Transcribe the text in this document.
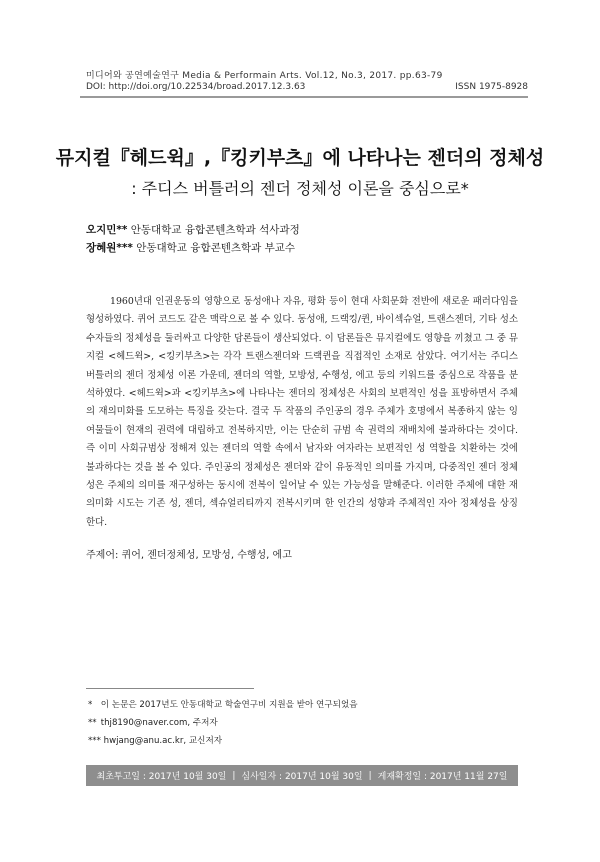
미디어와 공연예술연구 Media & Performain Arts. Vol.12, No.3, 2017. pp.63-79
DOI: http://doi.org/10.22534/broad.2017.12.3.63	ISSN 1975-8928
뮤지컬『헤드윅』,『킹키부츠』에 나타나는 젠더의 정체성
: 주디스 버틀러의 젠더 정체성 이론을 중심으로*
오지민** 안동대학교 융합콘텐츠학과 석사과정
장혜원*** 안동대학교 융합콘텐츠학과 부교수

1960년대 인권운동의 영향으로 동성애나 자유, 평화 등이 현대 사회문화 전반에 새로운 패러다임을 형성하였다. 퀴어 코드도 같은 맥락으로 볼 수 있다. 동성애, 드랙킹/퀸, 바이섹슈얼, 트랜스젠더, 기타 성소수자들의 정체성을 둘러싸고 다양한 담론들이 생산되었다. 이 담론들은 뮤지컬에도 영향을 끼쳤고 그 중 뮤지컬 <헤드윅>, <킹키부츠>는 각각 트랜스젠더와 드랙퀸을 직접적인 소재로 삼았다. 여기서는 주디스 버틀러의 젠더 정체성 이론 가운데, 젠더의 역할, 모방성, 수행성, 에고 등의 키워드를 중심으로 작품을 분석하였다. <헤드윅>과 <킹키부츠>에 나타나는 젠더의 정체성은 사회의 보편적인 성을 표방하면서 주체의 재의미화를 도모하는 특징을 갖는다. 결국 두 작품의 주인공의 경우 주체가 호명에서 복종하지 않는 잉여물들이 현재의 권력에 대립하고 전복하지만, 이는 단순히 규범 속 권력의 재배치에 불과하다는 것이다. 즉 이미 사회규범상 정해져 있는 젠더의 역할 속에서 남자와 여자라는 보편적인 성 역할을 치환하는 것에 불과하다는 것을 볼 수 있다. 주인공의 정체성은 젠더와 같이 유동적인 의미를 가지며, 다중적인 젠더 정체성은 주체의 의미를 재구성하는 동시에 전복이 일어날 수 있는 가능성을 말해준다. 이러한 주체에 대한 재의미화 시도는 기존 성, 젠더, 섹슈얼리티까지 전복시키며 한 인간의 성향과 주체적인 자아 정체성을 상징한다.

주제어: 퀴어, 젠더정체성, 모방성, 수행성, 에고
* 이 논문은 2017년도 안동대학교 학술연구비 지원을 받아 연구되었음
** thj8190@naver.com, 주저자
*** hwjang@anu.ac.kr, 교신저자
최초투고일 : 2017년 10월 30일 | 심사일자 : 2017년 10월 30일 | 게재확정일 : 2017년 11월 27일
